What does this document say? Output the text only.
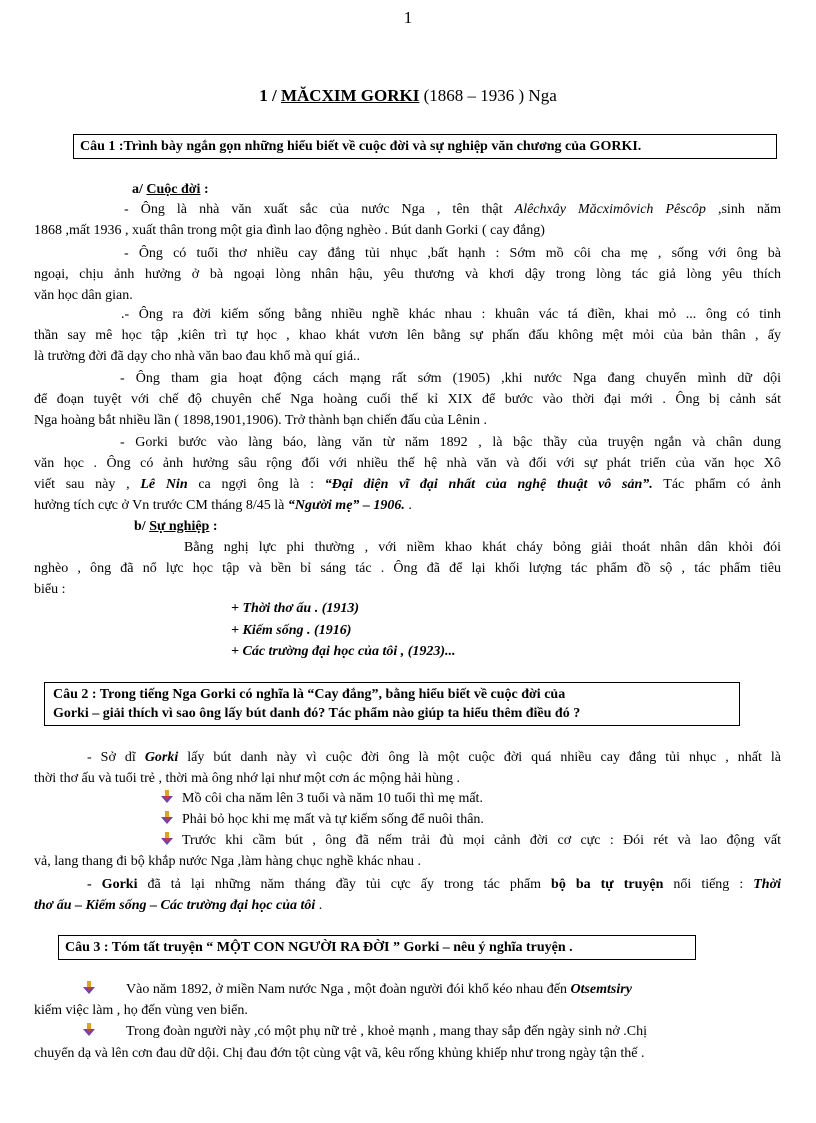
1
1 / MĂCXIM GORKI (1868 – 1936 ) Nga
Câu 1 :Trình bày ngắn gọn những hiểu biết về cuộc đời và sự nghiệp văn chương của GORKI.
a/ Cuộc đời :
- Ông là nhà văn xuất sắc của nước Nga , tên thật Alêchxây Măcximôvich Pêscôp ,sinh năm
1868 ,mất 1936 , xuất thân trong một gia đình lao động nghèo . Bút danh Gorki ( cay đắng)
- Ông có tuổi thơ nhiều cay đắng tủi nhục ,bất hạnh : Sớm mồ côi cha mẹ , sống với ông bà
ngoại, chịu ảnh hưởng ở bà ngoại lòng nhân hậu, yêu thương và khơi dậy trong lòng tác giả lòng yêu thích
văn học dân gian.
.- Ông ra đời kiếm sống bằng nhiều nghề khác nhau : khuân vác tá điền, khai mỏ ... ông có tinh
thần say mê học tập ,kiên trì tự học , khao khát vươn lên bằng sự phấn đấu không mệt mỏi của bản thân , ấy
là trường đời đã dạy cho nhà văn bao đau khổ mà quí giá..
- Ông tham gia hoạt động cách mạng rất sớm (1905) ,khi nước Nga đang chuyển mình dữ dội
để đoạn tuyệt với chế độ chuyên chế Nga hoàng cuối thế kỉ XIX để bước vào thời đại mới . Ông bị cảnh sát
Nga hoàng bắt nhiều lần ( 1898,1901,1906). Trở thành bạn chiến đấu của Lênin .
- Gorki bước vào làng báo, làng văn từ năm 1892 , là bậc thầy của truyện ngắn và chân dung
văn học . Ông có ảnh hưởng sâu rộng đối với nhiều thế hệ nhà văn và đối với sự phát triển của văn học Xô
viết sau này , Lê Nin ca ngợi ông là : “Đại diện vĩ đại nhất của nghệ thuật vô sản”. Tác phẩm có ảnh
hưởng tích cực ở Vn trước CM tháng 8/45 là “Người mẹ” – 1906. .
b/ Sự nghiệp :
Bằng nghị lực phi thường , với niềm khao khát cháy bỏng giải thoát nhân dân khỏi đói
nghèo , ông đã nổ lực học tập và bền bỉ sáng tác . Ông đã để lại khối lượng tác phẩm đồ sộ , tác phẩm tiêu
biểu :
+ Thời thơ ấu . (1913)
+ Kiếm sống . (1916)
+ Các trường đại học của tôi , (1923)...
Câu 2 : Trong tiếng Nga Gorki có nghĩa là “Cay đắng”, bằng hiểu biết về cuộc đời của
Gorki – giải thích vì sao ông lấy bút danh đó? Tác phẩm nào giúp ta hiểu thêm điều đó ?
- Sở dĩ Gorki lấy bút danh này vì cuộc đời ông là một cuộc đời quá nhiều cay đắng tủi nhục , nhất là
thời thơ ấu và tuổi trẻ , thời mà ông nhớ lại như một cơn ác mộng hải hùng .
Mồ côi cha năm lên 3 tuổi và năm 10 tuổi thì mẹ mất.
Phải bỏ học khi mẹ mất và tự kiếm sống để nuôi thân.
Trước khi cầm bút , ông đã nếm trải đủ mọi cảnh đời cơ cực : Đói rét và lao động vất
vả, lang thang đi bộ khắp nước Nga ,làm hàng chục nghề khác nhau .
- Gorki đã tả lại những năm tháng đầy tủi cực ấy trong tác phẩm bộ ba tự truyện nổi tiếng : Thời
thơ ấu – Kiếm sống – Các trường đại học của tôi .
Câu 3 : Tóm tất truyện “ MỘT CON NGƯỜI RA ĐỜI ” Gorki – nêu ý nghĩa truyện .
Vào năm 1892, ở miền Nam nước Nga , một đoàn người đói khổ kéo nhau đến Otsemtsiry
kiếm việc làm , họ đến vùng ven biển.
Trong đoàn người này ,có một phụ nữ trẻ , khoẻ mạnh , mang thay sắp đến ngày sinh nở .Chị
chuyển dạ và lên cơn đau dữ dội. Chị đau đớn tột cùng vật vã, kêu rống khủng khiếp như trong ngày tận thế .
